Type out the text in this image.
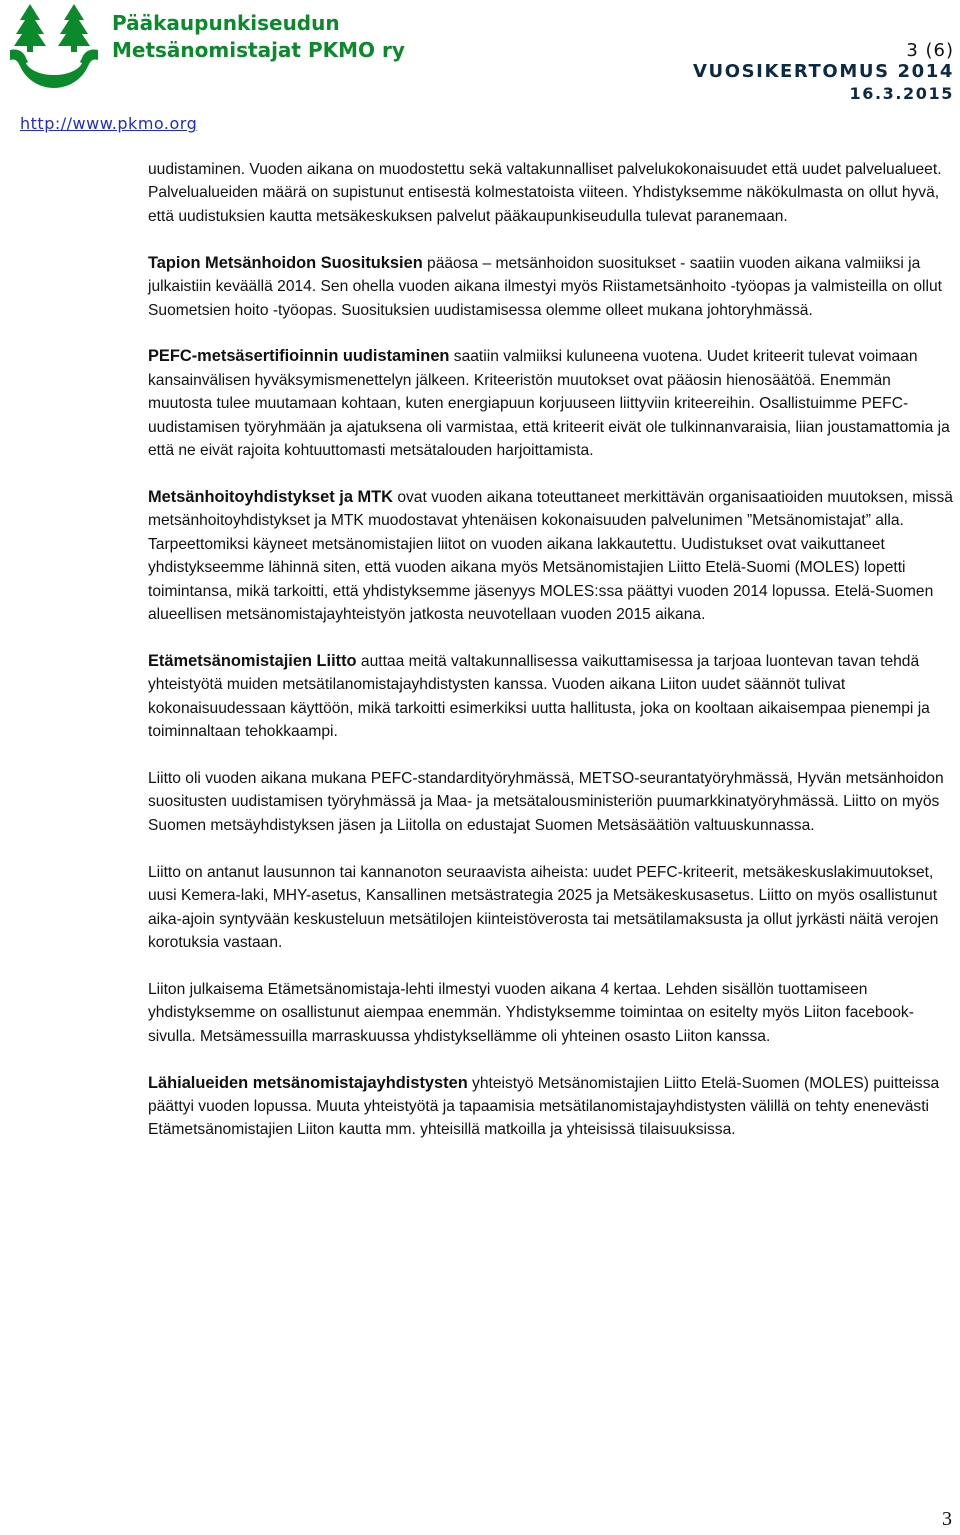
Pääkaupunkiseudun
Metsänomistajat PKMO ry
http://www.pkmo.org
3 (6)
VUOSIKERTOMUS 2014
16.3.2015

uudistaminen. Vuoden aikana on muodostettu sekä valtakunnalliset palvelukokonaisuudet että uudet palvelualueet. Palvelualueiden määrä on supistunut entisestä kolmestatoista viiteen. Yhdistyksemme näkökulmasta on ollut hyvä, että uudistuksien kautta metsäkeskuksen palvelut pääkaupunkiseudulla tulevat paranemaan.

Tapion Metsänhoidon Suosituksien pääosa – metsänhoidon suositukset - saatiin vuoden aikana valmiiksi ja julkaistiin keväällä 2014. Sen ohella vuoden aikana ilmestyi myös Riistametsänhoito -työopas ja valmisteilla on ollut Suometsien hoito -työopas. Suosituksien uudistamisessa olemme olleet mukana johtoryhmässä.

PEFC-metsäsertifioinnin uudistaminen saatiin valmiiksi kuluneena vuotena. Uudet kriteerit tulevat voimaan kansainvälisen hyväksymismenettelyn jälkeen. Kriteeristön muutokset ovat pääosin hienosäätöä. Enemmän muutosta tulee muutamaan kohtaan, kuten energiapuun korjuuseen liittyviin kriteereihin. Osallistuimme PEFC-uudistamisen työryhmään ja ajatuksena oli varmistaa, että kriteerit eivät ole tulkinnanvaraisia, liian joustamattomia ja että ne eivät rajoita kohtuuttomasti metsätalouden harjoittamista.

Metsänhoitoyhdistykset ja MTK ovat vuoden aikana toteuttaneet merkittävän organisaatioiden muutoksen, missä metsänhoitoyhdistykset ja MTK muodostavat yhtenäisen kokonaisuuden palvelunimen ”Metsänomistajat” alla. Tarpeettomiksi käyneet metsänomistajien liitot on vuoden aikana lakkautettu. Uudistukset ovat vaikuttaneet yhdistykseemme lähinnä siten, että vuoden aikana myös Metsänomistajien Liitto Etelä-Suomi (MOLES) lopetti toimintansa, mikä tarkoitti, että yhdistyksemme jäsenyys MOLES:ssa päättyi vuoden 2014 lopussa. Etelä-Suomen alueellisen metsänomistajayhteistyön jatkosta neuvotellaan vuoden 2015 aikana.

Etämetsänomistajien Liitto auttaa meitä valtakunnallisessa vaikuttamisessa ja tarjoaa luontevan tavan tehdä yhteistyötä muiden metsätilanomistajayhdistysten kanssa. Vuoden aikana Liiton uudet säännöt tulivat kokonaisuudessaan käyttöön, mikä tarkoitti esimerkiksi uutta hallitusta, joka on kooltaan aikaisempaa pienempi ja toiminnaltaan tehokkaampi.

Liitto oli vuoden aikana mukana PEFC-standardityöryhmässä, METSO-seurantatyöryhmässä, Hyvän metsänhoidon suositusten uudistamisen työryhmässä ja Maa- ja metsätalousministeriön puumarkkinatyöryhmässä. Liitto on myös Suomen metsäyhdistyksen jäsen ja Liitolla on edustajat Suomen Metsäsäätiön valtuuskunnassa.

Liitto on antanut lausunnon tai kannanoton seuraavista aiheista: uudet PEFC-kriteerit, metsäkeskuslakimuutokset, uusi Kemera-laki, MHY-asetus, Kansallinen metsästrategia 2025 ja Metsäkeskusasetus. Liitto on myös osallistunut aika-ajoin syntyvään keskusteluun metsätilojen kiinteistöverosta tai metsätilamaksusta ja ollut jyrkästi näitä verojen korotuksia vastaan.

Liiton julkaisema Etämetsänomistaja-lehti ilmestyi vuoden aikana 4 kertaa. Lehden sisällön tuottamiseen yhdistyksemme on osallistunut aiempaa enemmän. Yhdistyksemme toimintaa on esitelty myös Liiton facebook-sivulla. Metsämessuilla marraskuussa yhdistyksellämme oli yhteinen osasto Liiton kanssa.

Lähialueiden metsänomistajayhdistysten yhteistyö Metsänomistajien Liitto Etelä-Suomen (MOLES) puitteissa päättyi vuoden lopussa. Muuta yhteistyötä ja tapaamisia metsätilanomistajayhdistysten välillä on tehty enenevästi Etämetsänomistajien Liiton kautta mm. yhteisillä matkoilla ja yhteisissä tilaisuuksissa.

3
